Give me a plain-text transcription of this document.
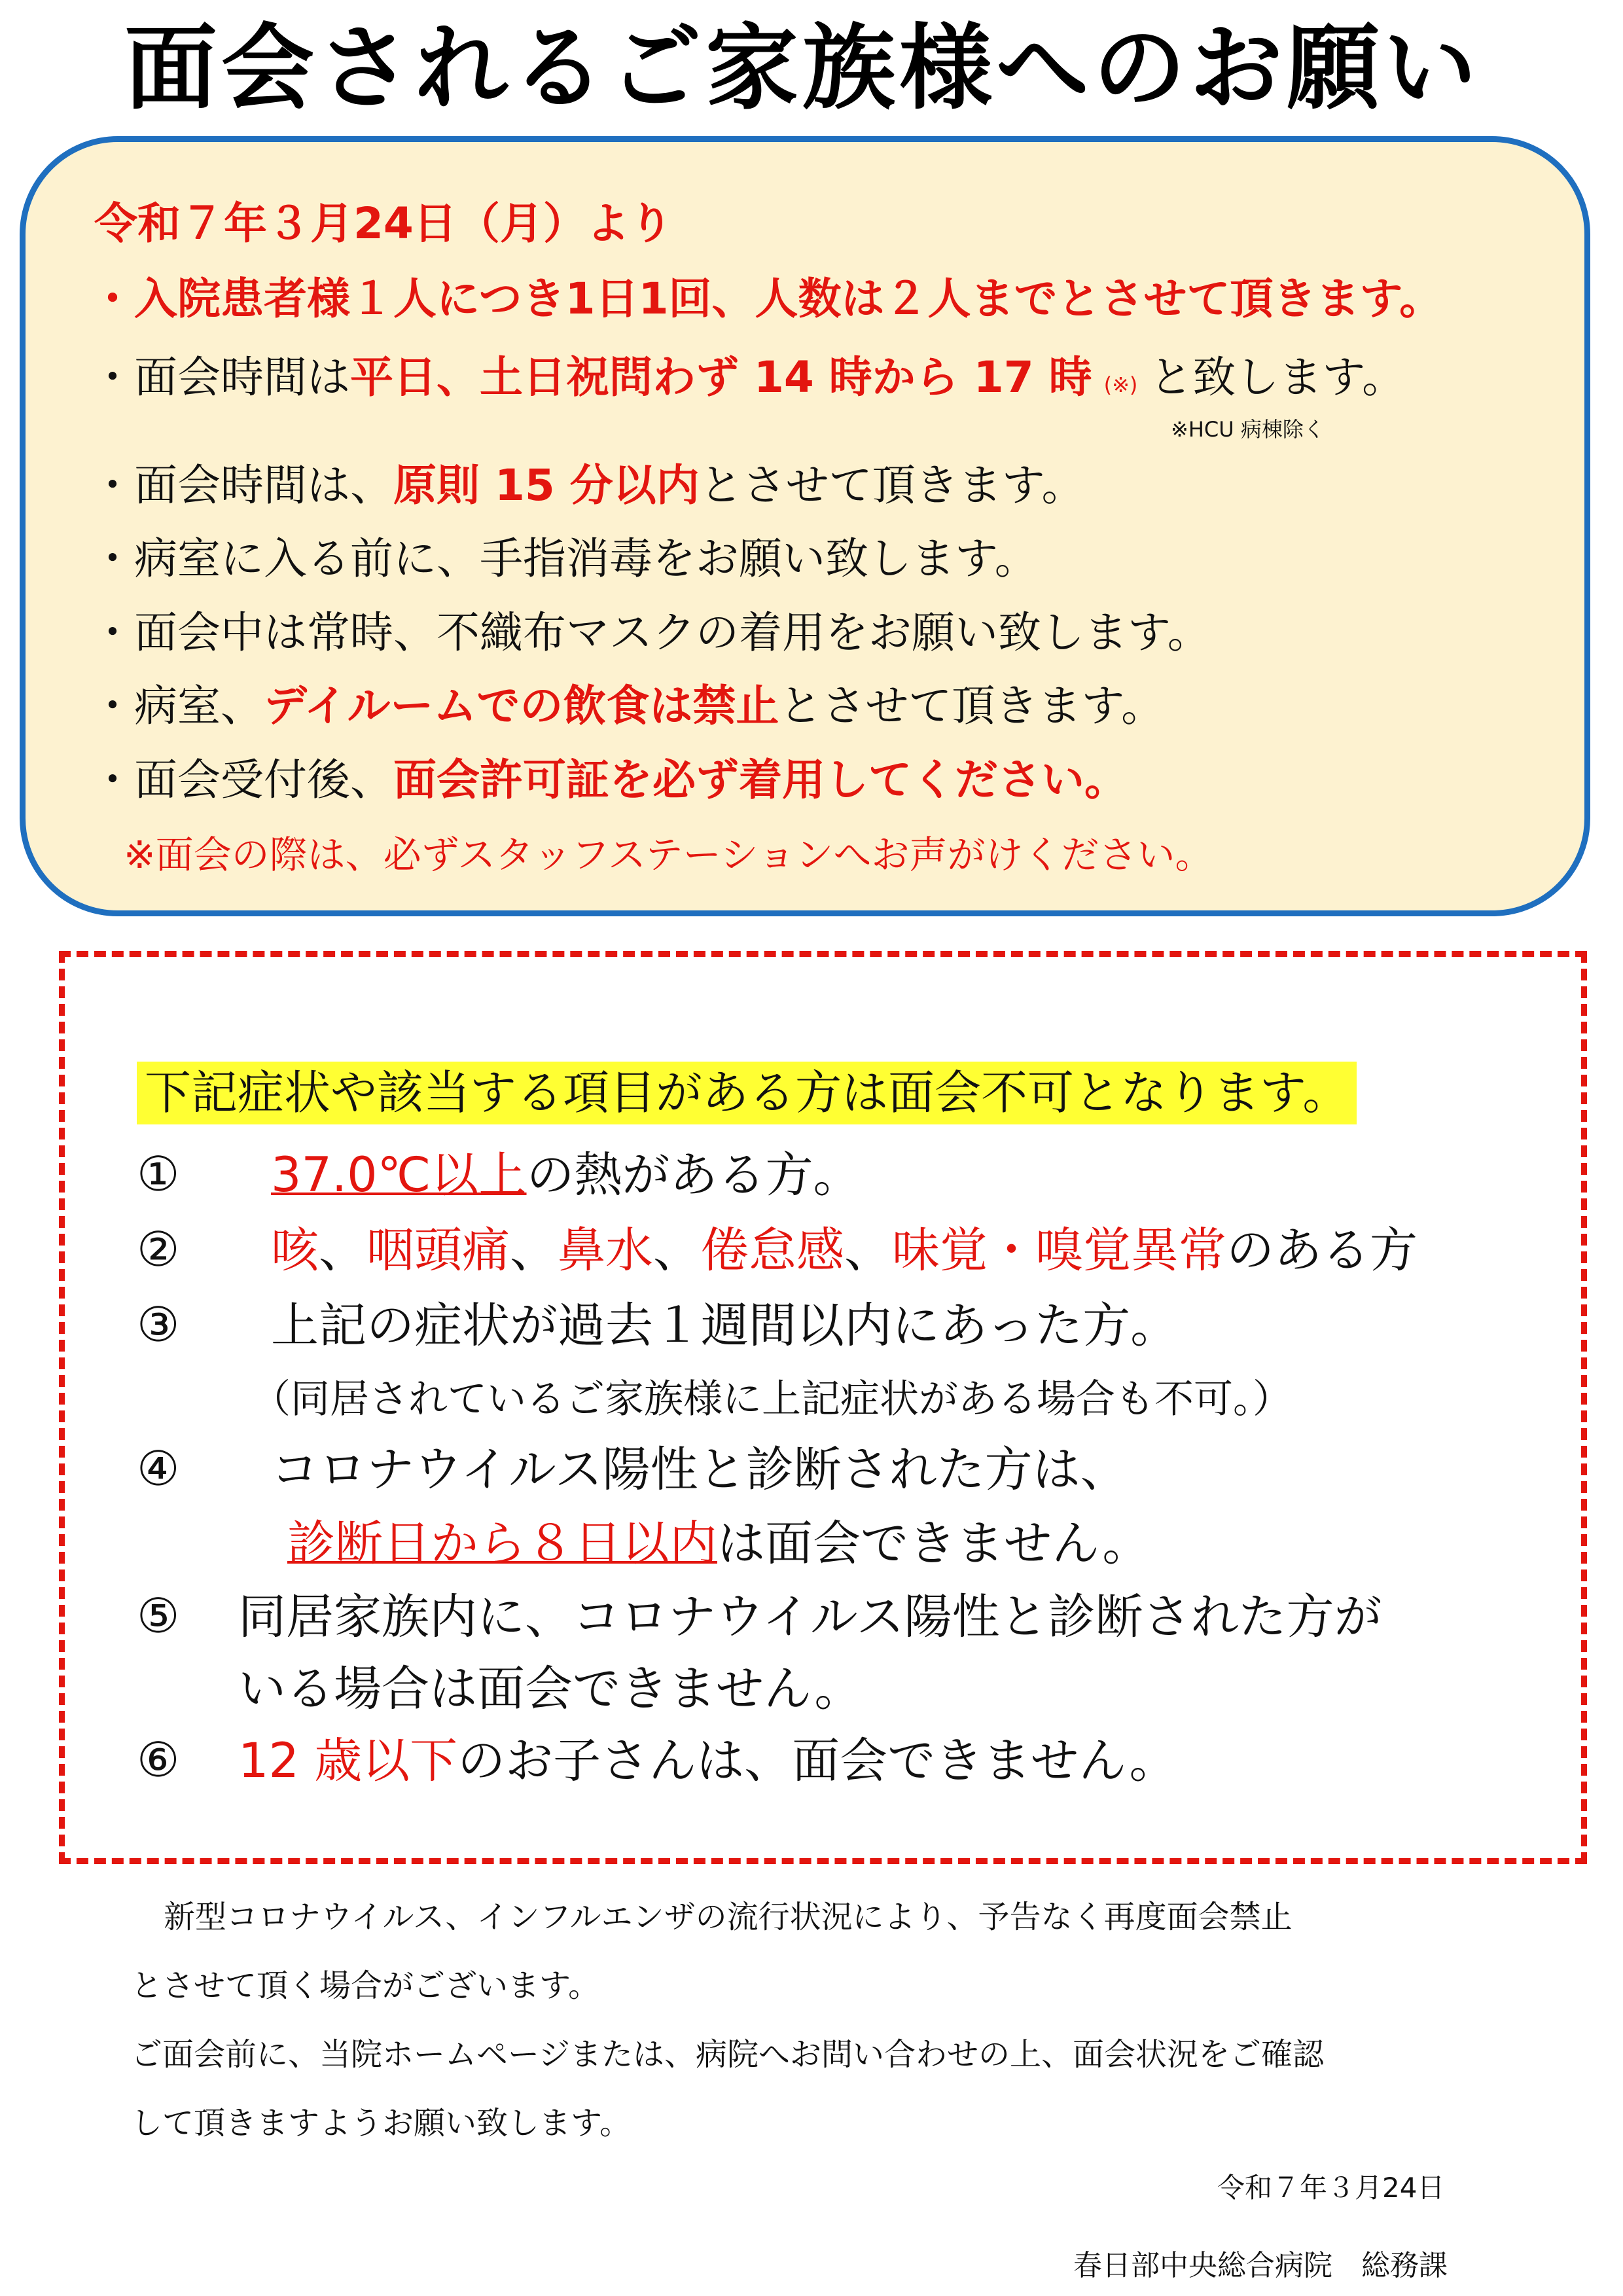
面会されるご家族様へのお願い
令和７年３月24日（月）より
・入院患者様１人につき1日1回、人数は２人までとさせて頂きます。
・面会時間は平日、土日祝問わず 14 時から 17 時 (※) と致します。
※HCU 病棟除く
・面会時間は、原則 15 分以内とさせて頂きます。
・病室に入る前に、手指消毒をお願い致します。
・面会中は常時、不織布マスクの着用をお願い致します。
・病室、デイルームでの飲食は禁止とさせて頂きます。
・面会受付後、面会許可証を必ず着用してください。
※面会の際は、必ずスタッフステーションへお声がけください。
下記症状や該当する項目がある方は面会不可となります。
① 37.0℃以上の熱がある方。
② 咳、咽頭痛、鼻水、倦怠感、味覚・嗅覚異常のある方
③ 上記の症状が過去１週間以内にあった方。
（同居されているご家族様に上記症状がある場合も不可。）
④ コロナウイルス陽性と診断された方は、
診断日から８日以内は面会できません。
⑤ 同居家族内に、コロナウイルス陽性と診断された方が
いる場合は面会できません。
⑥ 12 歳以下のお子さんは、面会できません。
新型コロナウイルス、インフルエンザの流行状況により、予告なく再度面会禁止
とさせて頂く場合がございます。
ご面会前に、当院ホームページまたは、病院へお問い合わせの上、面会状況をご確認
して頂きますようお願い致します。
令和７年３月24日
春日部中央総合病院　総務課
